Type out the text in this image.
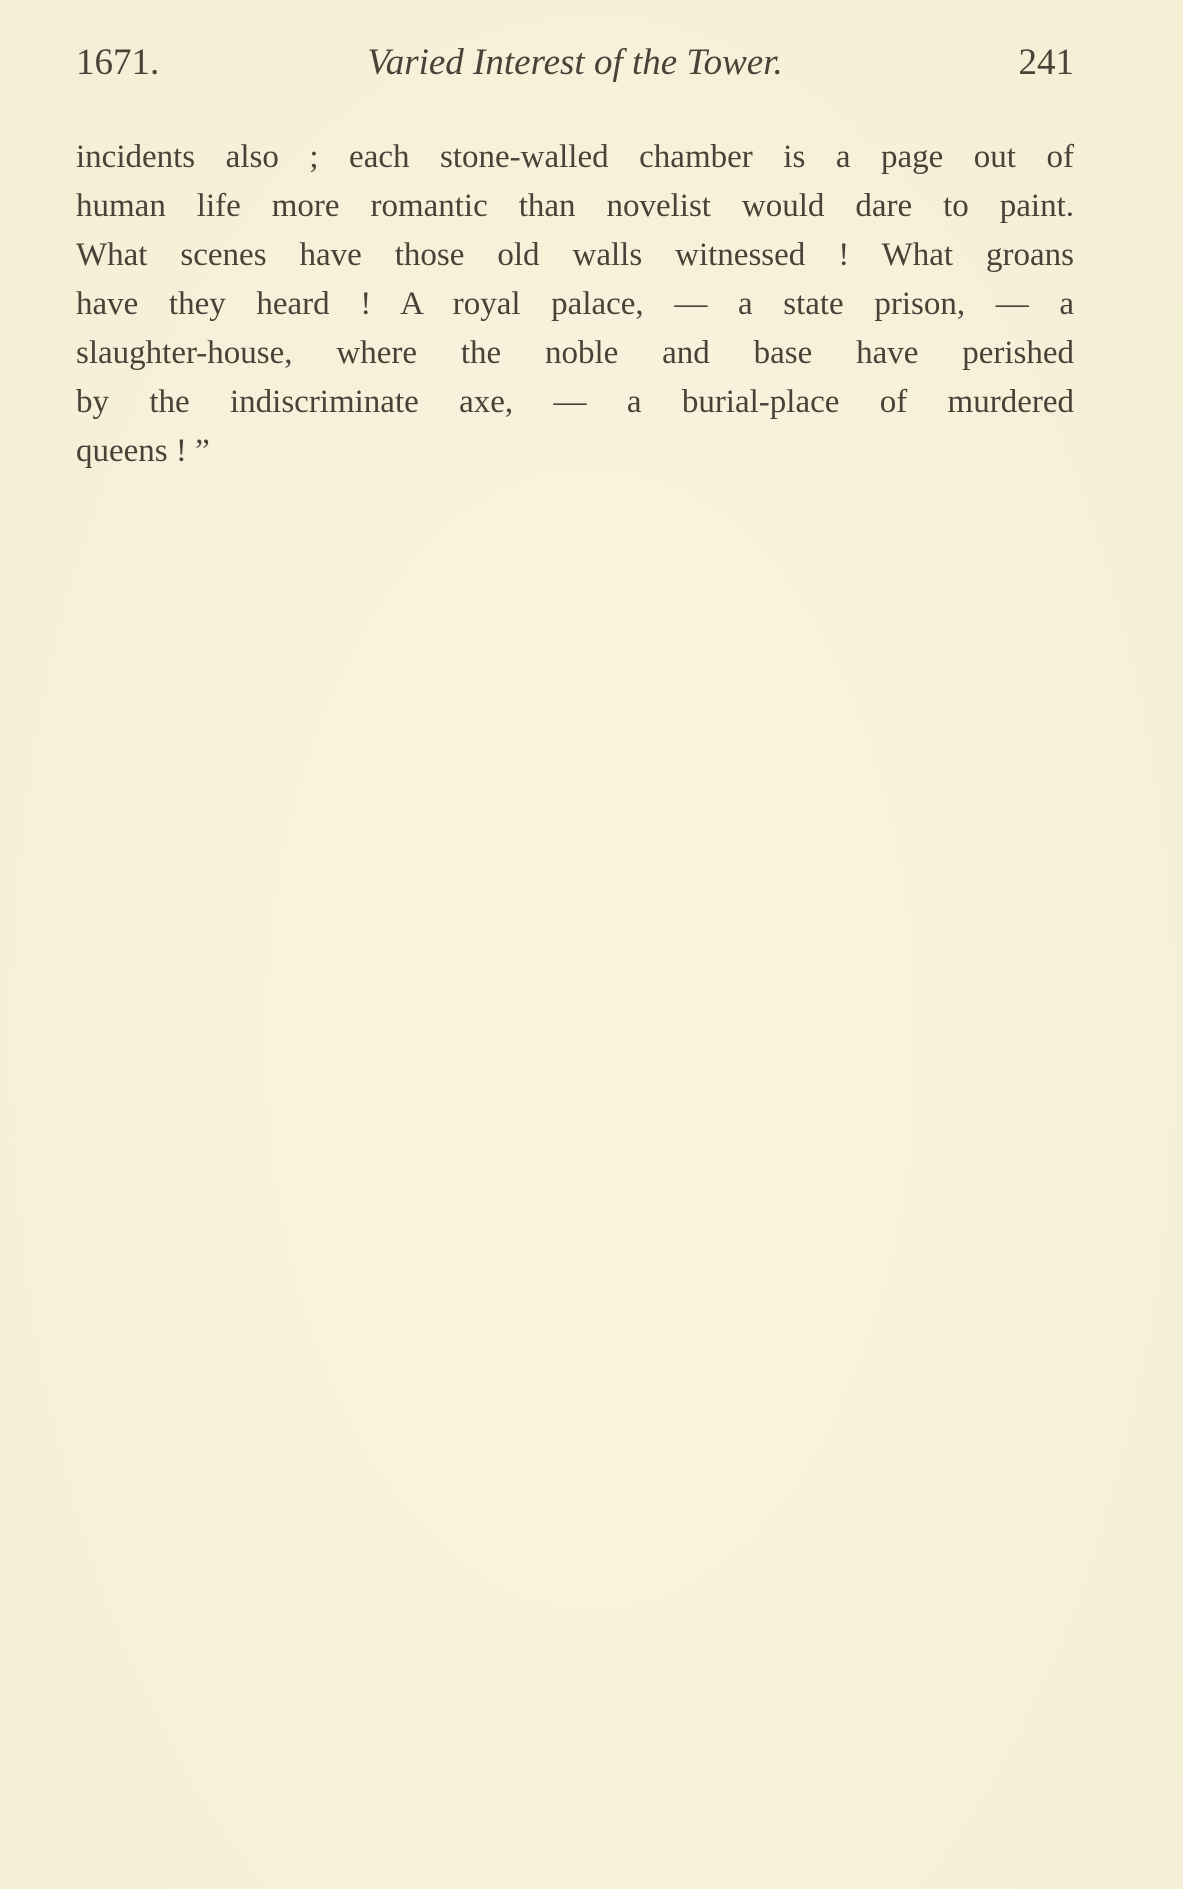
1671.	Varied Interest of the Tower.	241
incidents also ; each stone-walled chamber is a page out of
human life more romantic than novelist would dare to paint.
What scenes have those old walls witnessed ! What groans
have they heard ! A royal palace, — a state prison, — a
slaughter-house, where the noble and base have perished
by the indiscriminate axe, — a burial-place of murdered
queens ! ”
